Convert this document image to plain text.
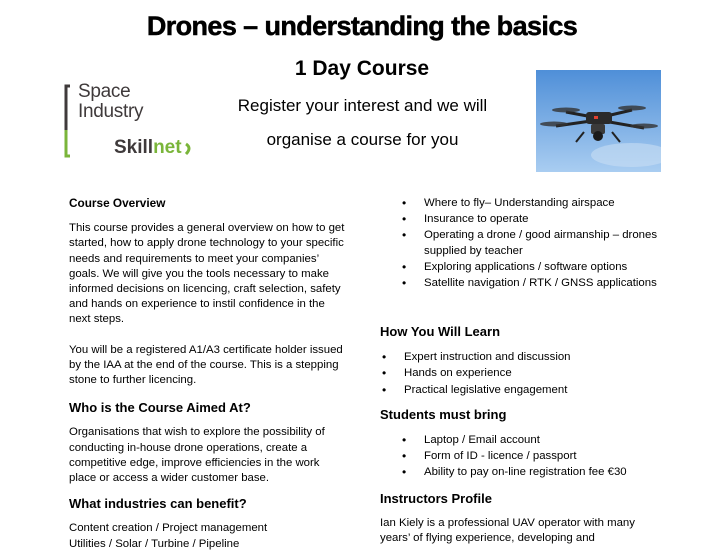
Drones – understanding the basics
1 Day Course
Register your interest and we will
organise a course for you
Space
Industry
Skillnet
Course Overview

This course provides a general overview on how to get started, how to apply drone technology to your specific needs and requirements to meet your companies’ goals. We will give you the tools necessary to make informed decisions on licencing, craft selection, safety and hands on experience to instil confidence in the next steps.

You will be a registered A1/A3 certificate holder issued by the IAA at the end of the course. This is a stepping stone to further licencing.

Who is the Course Aimed At?

Organisations that wish to explore the possibility of conducting in-house drone operations, create a competitive edge, improve efficiencies in the work place or access a wider customer base.

What industries can benefit?
Content creation / Project management
Utilities / Solar / Turbine / Pipeline
• Where to fly– Understanding airspace
• Insurance to operate
• Operating a drone / good airmanship – drones supplied by teacher
• Exploring applications / software options
• Satellite navigation / RTK / GNSS applications
How You Will Learn
• Expert instruction and discussion
• Hands on experience
• Practical legislative engagement
Students must bring
• Laptop / Email account
• Form of ID - licence / passport
• Ability to pay on-line registration fee €30
Instructors Profile

Ian Kiely is a professional UAV operator with many years’ of flying experience, developing and
